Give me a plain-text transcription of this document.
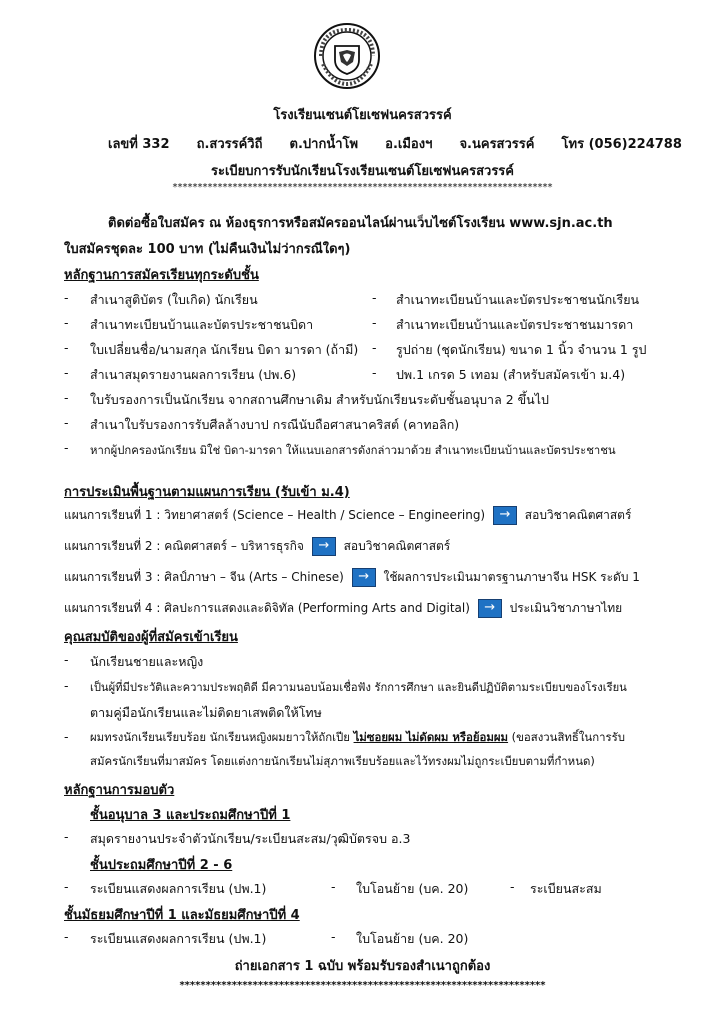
โรงเรียนเซนต์โยเซฟนครสวรรค์
เลขที่ 332 ถ.สวรรค์วิถี ต.ปากน้ำโพ อ.เมืองฯ จ.นครสวรรค์ โทร (056)224788
ระเบียบการรับนักเรียนโรงเรียนเซนต์โยเซฟนครสวรรค์
****************************************************************************
ติดต่อซื้อใบสมัคร ณ ห้องธุรการหรือสมัครออนไลน์ผ่านเว็บไซต์โรงเรียน www.sjn.ac.th
ใบสมัครชุดละ 100 บาท (ไม่คืนเงินไม่ว่ากรณีใดๆ)
หลักฐานการสมัครเรียนทุกระดับชั้น
- สำเนาสูติบัตร (ใบเกิด) นักเรียน	- สำเนาทะเบียนบ้านและบัตรประชาชนนักเรียน
- สำเนาทะเบียนบ้านและบัตรประชาชนบิดา	- สำเนาทะเบียนบ้านและบัตรประชาชนมารดา
- ใบเปลี่ยนชื่อ/นามสกุล นักเรียน บิดา มารดา (ถ้ามี) - รูปถ่าย (ชุดนักเรียน) ขนาด 1 นิ้ว จำนวน 1 รูป
- สำเนาสมุดรายงานผลการเรียน (ปพ.6)	- ปพ.1 เกรด 5 เทอม (สำหรับสมัครเข้า ม.4)
- ใบรับรองการเป็นนักเรียน จากสถานศึกษาเดิม สำหรับนักเรียนระดับชั้นอนุบาล 2 ขึ้นไป
- สำเนาใบรับรองการรับศีลล้างบาป กรณีนับถือศาสนาคริสต์ (คาทอลิก)
- หากผู้ปกครองนักเรียน มิใช่ บิดา-มารดา ให้แนบเอกสารดังกล่าวมาด้วย สำเนาทะเบียนบ้านและบัตรประชาชน
การประเมินพื้นฐานตามแผนการเรียน (รับเข้า ม.4)
แผนการเรียนที่ 1 : วิทยาศาสตร์ (Science – Health / Science – Engineering) → สอบวิชาคณิตศาสตร์
แผนการเรียนที่ 2 : คณิตศาสตร์ – บริหารธุรกิจ → สอบวิชาคณิตศาสตร์
แผนการเรียนที่ 3 : ศิลป์ภาษา – จีน (Arts – Chinese) → ใช้ผลการประเมินมาตรฐานภาษาจีน HSK ระดับ 1
แผนการเรียนที่ 4 : ศิลปะการแสดงและดิจิทัล (Performing Arts and Digital) → ประเมินวิชาภาษาไทย
คุณสมบัติของผู้ที่สมัครเข้าเรียน
- นักเรียนชายและหญิง
- เป็นผู้ที่มีประวัติและความประพฤติดี มีความนอบน้อมเชื่อฟัง รักการศึกษา และยินดีปฏิบัติตามระเบียบของโรงเรียน
ตามคู่มือนักเรียนและไม่ติดยาเสพติดให้โทษ
- ผมทรงนักเรียนเรียบร้อย นักเรียนหญิงผมยาวให้ถักเปีย ไม่ซอยผม ไม่ดัดผม หรือย้อมผม (ขอสงวนสิทธิ์ในการรับ
สมัครนักเรียนที่มาสมัคร โดยแต่งกายนักเรียนไม่สุภาพเรียบร้อยและไว้ทรงผมไม่ถูกระเบียบตามที่กำหนด)
หลักฐานการมอบตัว
ชั้นอนุบาล 3 และประถมศึกษาปีที่ 1
- สมุดรายงานประจำตัวนักเรียน/ระเบียนสะสม/วุฒิบัตรจบ อ.3
ชั้นประถมศึกษาปีที่ 2 - 6
- ระเบียนแสดงผลการเรียน (ปพ.1)	- ใบโอนย้าย (บค. 20)	- ระเบียนสะสม
ชั้นมัธยมศึกษาปีที่ 1 และมัธยมศึกษาปีที่ 4
- ระเบียนแสดงผลการเรียน (ปพ.1)	- ใบโอนย้าย (บค. 20)
ถ่ายเอกสาร 1 ฉบับ พร้อมรับรองสำเนาถูกต้อง
**********************************************************************
